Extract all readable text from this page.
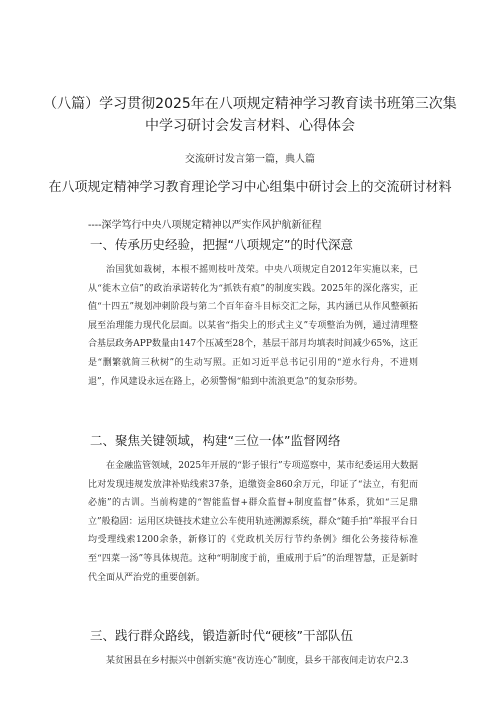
（八篇）学习贯彻2025年在八项规定精神学习教育读书班第三次集中学习研讨会发言材料、心得体会
交流研讨发言第一篇，典人篇
在八项规定精神学习教育理论学习中心组集中研讨会上的交流研讨材料
----深学笃行中央八项规定精神以严实作风护航新征程
一、传承历史经验，把握“八项规定”的时代深意
治国犹如栽树，本根不摇则枝叶茂荣。中央八项规定自2012年实施以来，已从“徙木立信”的政治承诺转化为“抓铁有痕”的制度实践。2025年的深化落实，正值“十四五”规划冲刺阶段与第二个百年奋斗目标交汇之际，其内涵已从作风整顿拓展至治理能力现代化层面。以某省“指尖上的形式主义”专项整治为例，通过清理整合基层政务APP数量由147个压减至28个，基层干部月均填表时间减少65%，这正是“删繁就简三秋树”的生动写照。正如习近平总书记引用的“逆水行舟，不进则退”，作风建设永远在路上，必须警惕“船到中流浪更急”的复杂形势。
二、聚焦关键领域，构建“三位一体”监督网络
在金融监管领域，2025年开展的“影子银行”专项巡察中，某市纪委运用大数据比对发现违规发放津补贴线索37条，追缴资金860余万元，印证了“法立，有犯而必施”的古训。当前构建的“智能监督+群众监督+制度监督”体系，犹如“三足鼎立”般稳固：运用区块链技术建立公车使用轨迹溯源系统，群众“随手拍”举报平台日均受理线索1200余条，新修订的《党政机关厉行节约条例》细化公务接待标准至“四菜一汤”等具体规范。这种“明制度于前，重威刑于后”的治理智慧，正是新时代全面从严治党的重要创新。
三、践行群众路线，锻造新时代“硬核”干部队伍
某贫困县在乡村振兴中创新实施“夜访连心”制度，县乡干部夜间走访农户2.3
